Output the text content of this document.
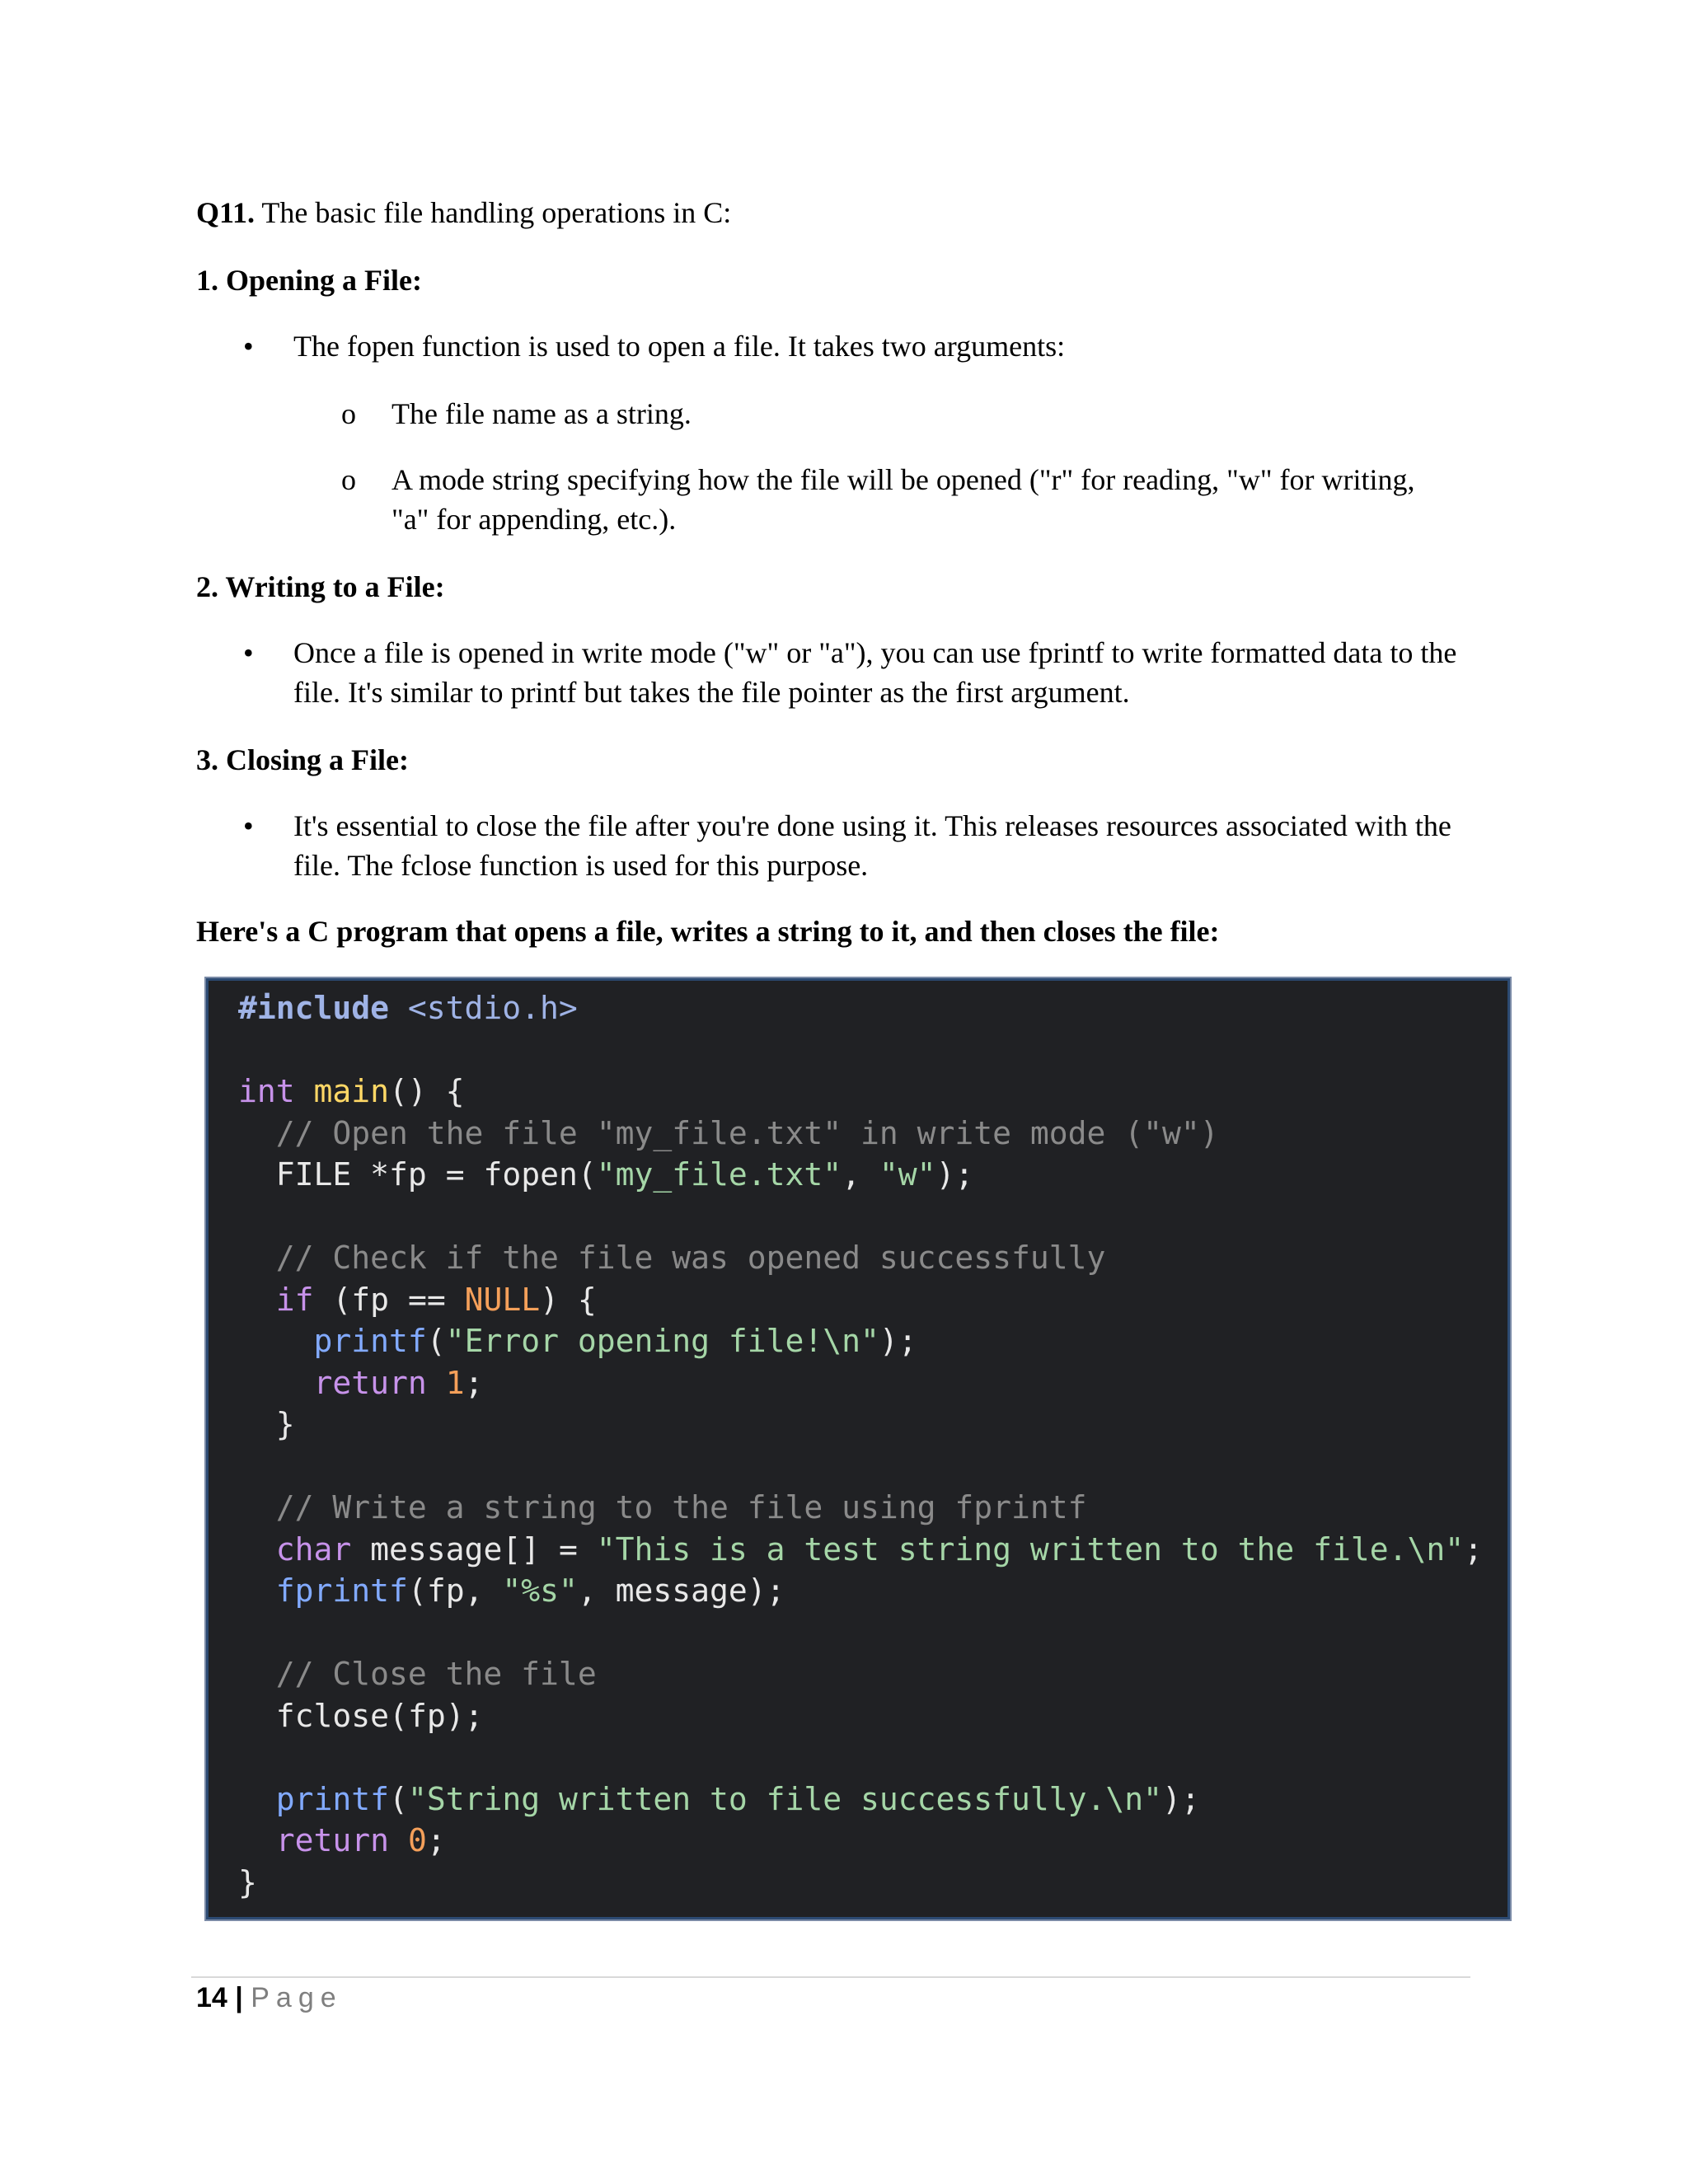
Q11. The basic file handling operations in C:
1. Opening a File:
• The fopen function is used to open a file. It takes two arguments:
o The file name as a string.
o A mode string specifying how the file will be opened ("r" for reading, "w" for writing,
"a" for appending, etc.).
2. Writing to a File:
• Once a file is opened in write mode ("w" or "a"), you can use fprintf to write formatted data to the
file. It's similar to printf but takes the file pointer as the first argument.
3. Closing a File:
• It's essential to close the file after you're done using it. This releases resources associated with the
file. The fclose function is used for this purpose.
Here's a C program that opens a file, writes a string to it, and then closes the file:
#include <stdio.h>
int main() {
// Open the file "my_file.txt" in write mode ("w")
FILE *fp = fopen("my_file.txt", "w");
// Check if the file was opened successfully
if (fp == NULL) {
printf("Error opening file!\n");
return 1;
}
// Write a string to the file using fprintf
char message[] = "This is a test string written to the file.\n";
fprintf(fp, "%s", message);
// Close the file
fclose(fp);
printf("String written to file successfully.\n");
return 0;
}
14 | Page
